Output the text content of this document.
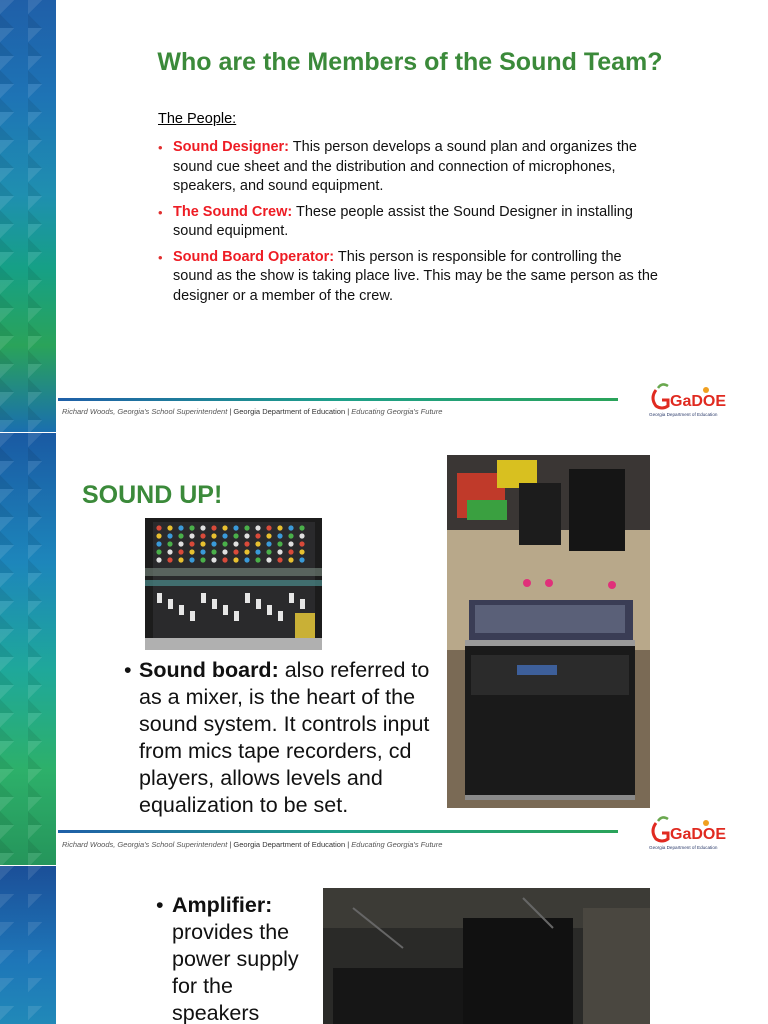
Who are the Members of the Sound Team?
The People:
• Sound Designer: This person develops a sound plan and organizes the sound cue sheet and the distribution and connection of microphones, speakers, and sound equipment.
• The Sound Crew: These people assist the Sound Designer in installing sound equipment.
• Sound Board Operator: This person is responsible for controlling the sound as the show is taking place live. This may be the same person as the designer or a member of the crew.
Richard Woods, Georgia's School Superintendent | Georgia Department of Education | Educating Georgia's Future
GaDOE
Georgia Department of Education
SOUND UP!
• Sound board: also referred to as a mixer, is the heart of the sound system. It controls input from mics tape recorders, cd players, allows levels and equalization to be set.
Richard Woods, Georgia's School Superintendent | Georgia Department of Education | Educating Georgia's Future
GaDOE
Georgia Department of Education
• Amplifier: provides the power supply for the speakers
